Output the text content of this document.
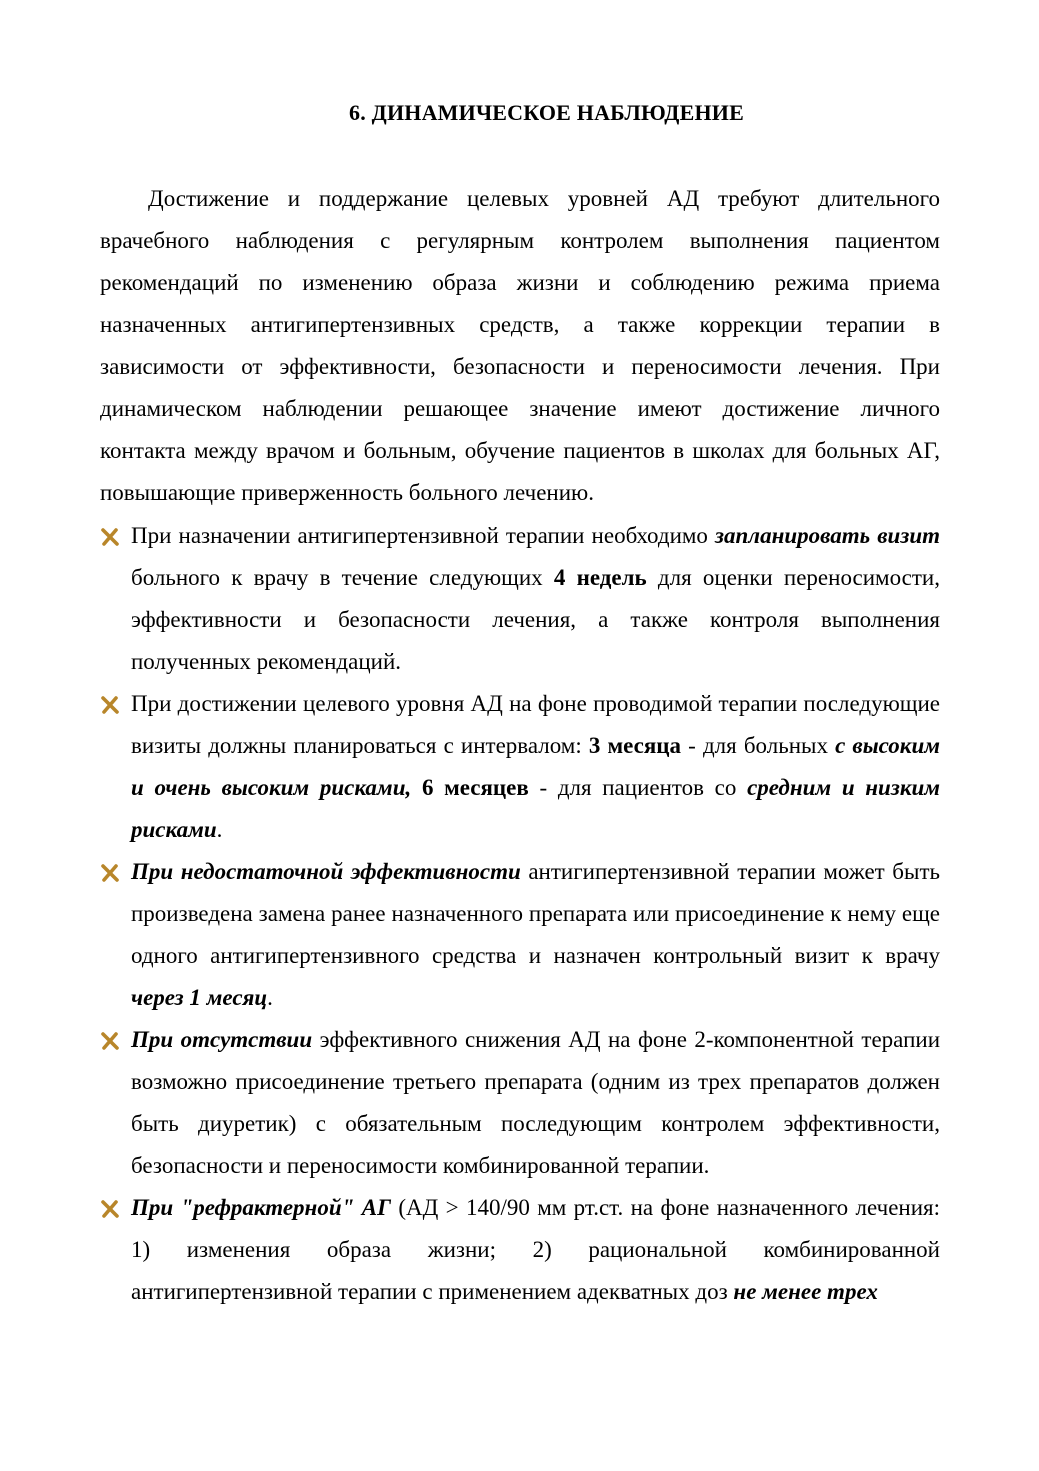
6. ДИНАМИЧЕСКОЕ НАБЛЮДЕНИЕ

Достижение и поддержание целевых уровней АД требуют длительного врачебного наблюдения с регулярным контролем выполнения пациентом рекомендаций по изменению образа жизни и соблюдению режима приема назначенных антигипертензивных средств, а также коррекции терапии в зависимости от эффективности, безопасности и переносимости лечения. При динамическом наблюдении решающее значение имеют достижение личного контакта между врачом и больным, обучение пациентов в школах для больных АГ, повышающие приверженность больного лечению.

При назначении антигипертензивной терапии необходимо запланировать визит больного к врачу в течение следующих 4 недель для оценки переносимости, эффективности и безопасности лечения, а также контроля выполнения полученных рекомендаций.
При достижении целевого уровня АД на фоне проводимой терапии последующие визиты должны планироваться с интервалом: 3 месяца - для больных с высоким и очень высоким рисками, 6 месяцев - для пациентов со средним и низким рисками.
При недостаточной эффективности антигипертензивной терапии может быть произведена замена ранее назначенного препарата или присоединение к нему еще одного антигипертензивного средства и назначен контрольный визит к врачу через 1 месяц.
При отсутствии эффективного снижения АД на фоне 2-компонентной терапии возможно присоединение третьего препарата (одним из трех препаратов должен быть диуретик) с обязательным последующим контролем эффективности, безопасности и переносимости комбинированной терапии.
При "рефрактерной" АГ (АД > 140/90 мм рт.ст. на фоне назначенного лечения: 1) изменения образа жизни; 2) рациональной комбинированной антигипертензивной терапии с применением адекватных доз не менее трех
